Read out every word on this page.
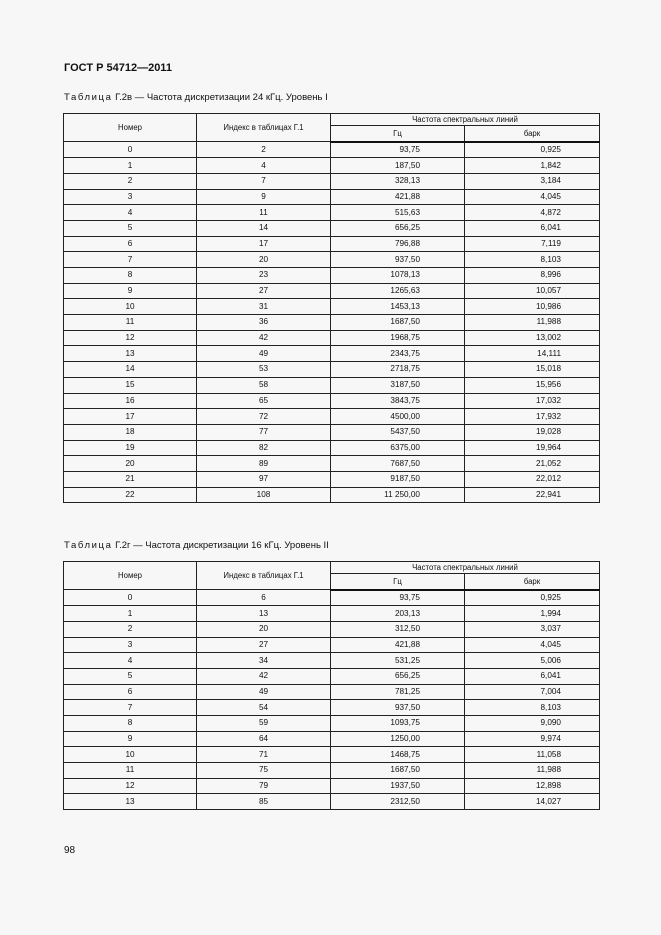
ГОСТ Р 54712—2011
Таблица Г.2в — Частота дискретизации 24 кГц. Уровень I
Номер	Индекс в таблицах Г.1	Частота спектральных линий	
		Гц	барк
0	2	93,75	0,925
1	4	187,50	1,842
2	7	328,13	3,184
3	9	421,88	4,045
4	11	515,63	4,872
5	14	656,25	6,041
6	17	796,88	7,119
7	20	937,50	8,103
8	23	1078,13	8,996
9	27	1265,63	10,057
10	31	1453,13	10,986
11	36	1687,50	11,988
12	42	1968,75	13,002
13	49	2343,75	14,111
14	53	2718,75	15,018
15	58	3187,50	15,956
16	65	3843,75	17,032
17	72	4500,00	17,932
18	77	5437,50	19,028
19	82	6375,00	19,964
20	89	7687,50	21,052
21	97	9187,50	22,012
22	108	11 250,00	22,941
Таблица Г.2г — Частота дискретизации 16 кГц. Уровень II
Номер	Индекс в таблицах Г.1	Частота спектральных линий	
		Гц	барк
0	6	93,75	0,925
1	13	203,13	1,994
2	20	312,50	3,037
3	27	421,88	4,045
4	34	531,25	5,006
5	42	656,25	6,041
6	49	781,25	7,004
7	54	937,50	8,103
8	59	1093,75	9,090
9	64	1250,00	9,974
10	71	1468,75	11,058
11	75	1687,50	11,988
12	79	1937,50	12,898
13	85	2312,50	14,027
98
